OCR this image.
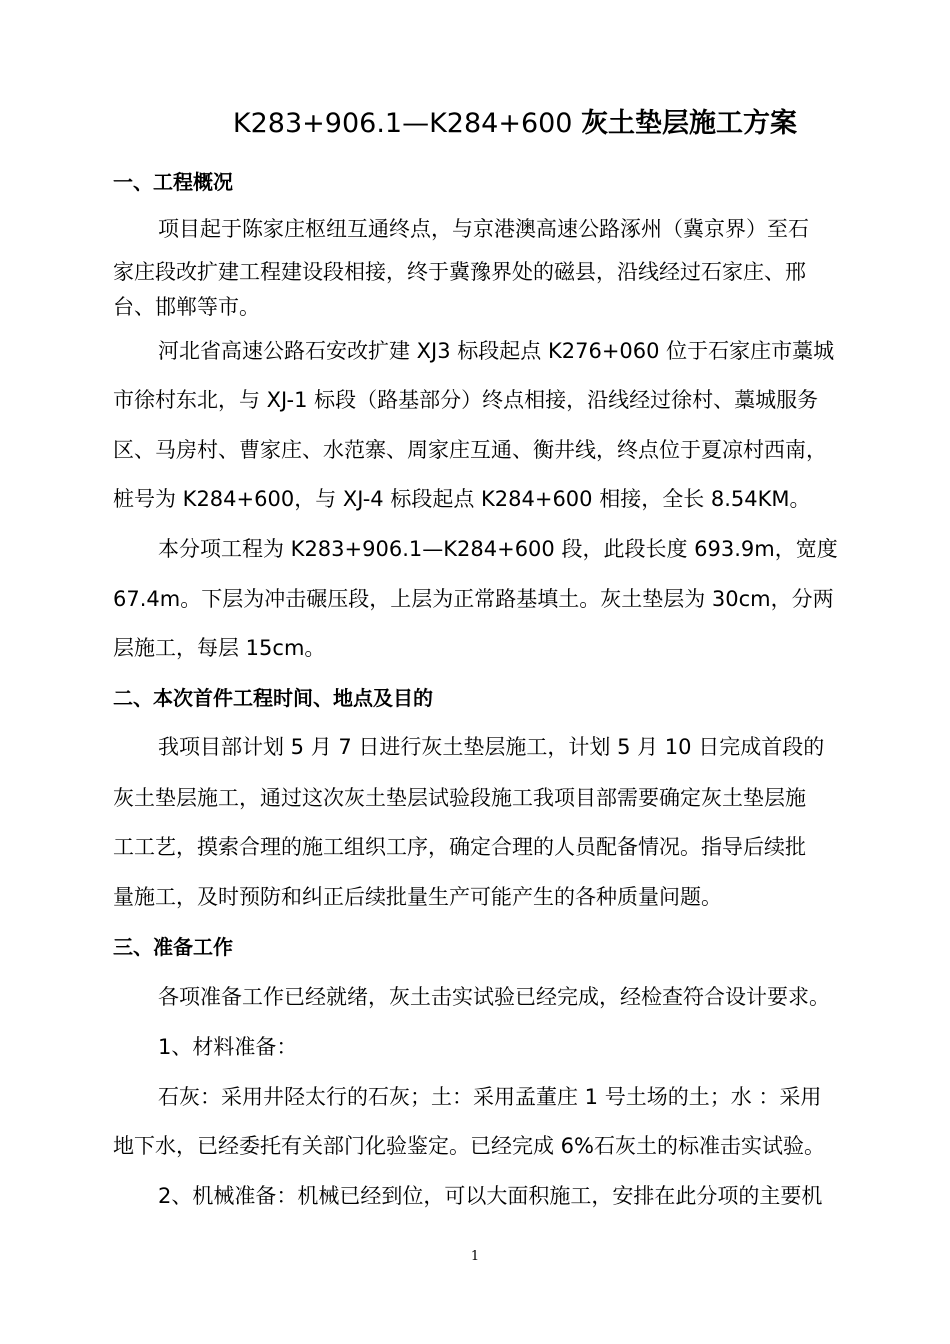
K283+906.1—K284+600 灰土垫层施工方案
一、工程概况
项目起于陈家庄枢纽互通终点，与京港澳高速公路涿州（冀京界）至石
家庄段改扩建工程建设段相接，终于冀豫界处的磁县，沿线经过石家庄、邢
台、邯郸等市。
河北省高速公路石安改扩建 XJ3 标段起点 K276+060 位于石家庄市藁城
市徐村东北，与 XJ-1 标段（路基部分）终点相接，沿线经过徐村、藁城服务
区、马房村、曹家庄、水范寨、周家庄互通、衡井线，终点位于夏凉村西南，
桩号为 K284+600，与 XJ-4 标段起点 K284+600 相接，全长 8.54KM。
本分项工程为 K283+906.1—K284+600 段，此段长度 693.9m，宽度
67.4m。下层为冲击碾压段，上层为正常路基填土。灰土垫层为 30cm，分两
层施工，每层 15cm。
二、本次首件工程时间、地点及目的
我项目部计划 5 月 7 日进行灰土垫层施工，计划 5 月 10 日完成首段的
灰土垫层施工，通过这次灰土垫层试验段施工我项目部需要确定灰土垫层施
工工艺，摸索合理的施工组织工序，确定合理的人员配备情况。指导后续批
量施工，及时预防和纠正后续批量生产可能产生的各种质量问题。
三、准备工作
各项准备工作已经就绪，灰土击实试验已经完成，经检查符合设计要求。
1、材料准备：
石灰：采用井陉太行的石灰；土：采用孟董庄 1 号土场的土；水 ：采用
地下水，已经委托有关部门化验鉴定。已经完成 6%石灰土的标准击实试验。
2、机械准备：机械已经到位，可以大面积施工，安排在此分项的主要机
1
